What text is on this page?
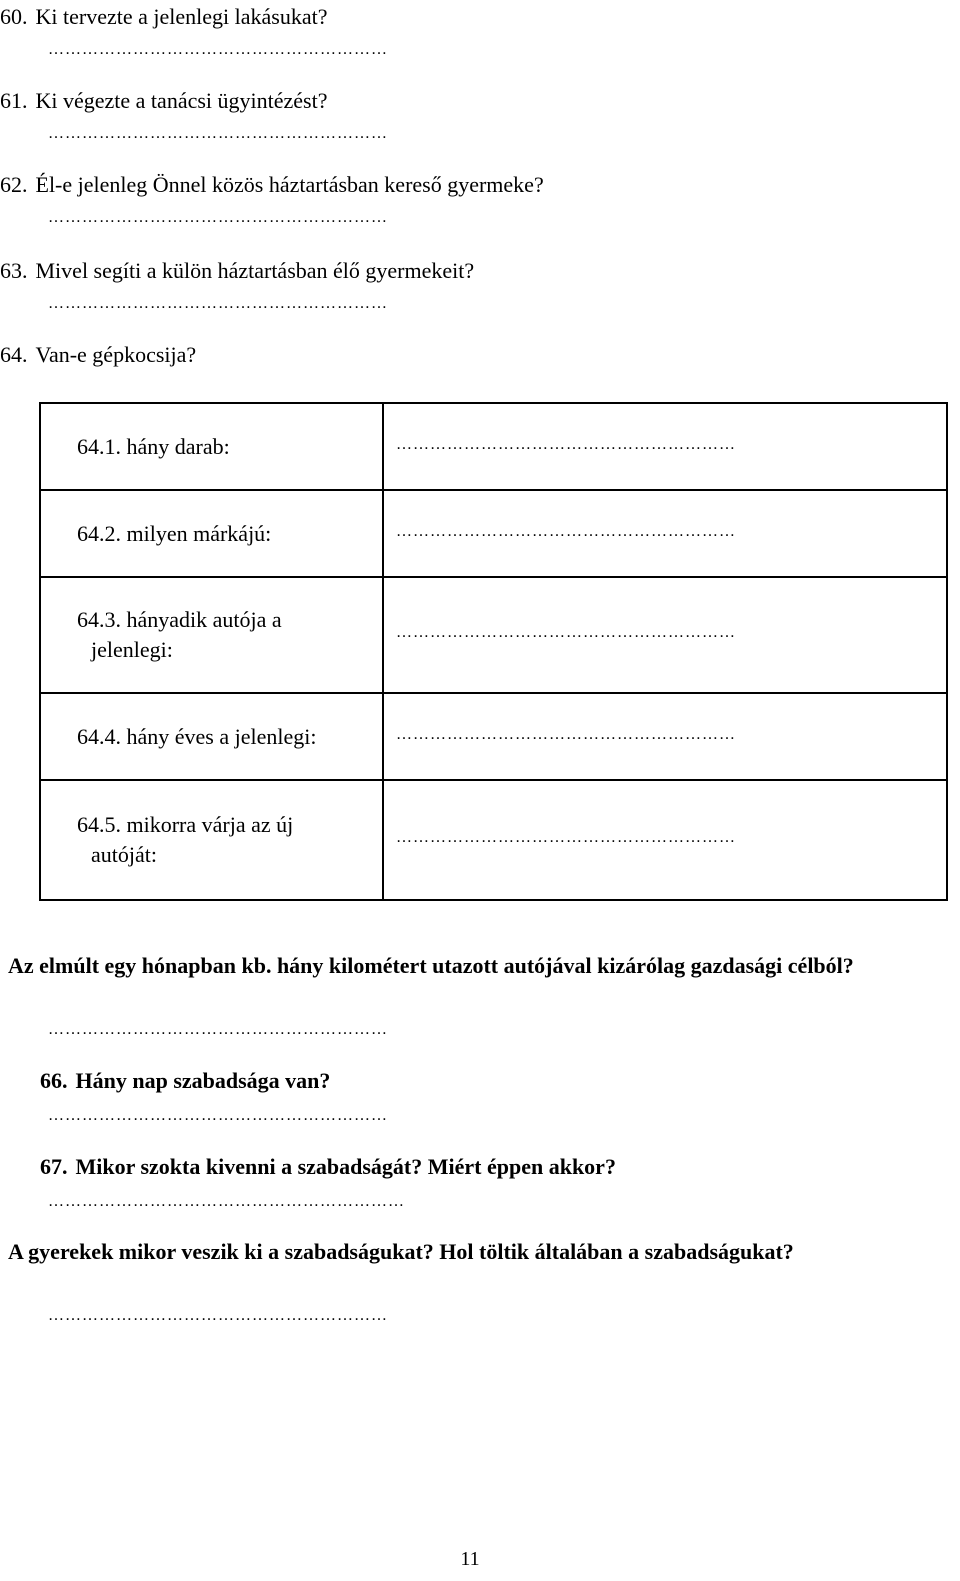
60. Ki tervezte a jelenlegi lakásukat?

……………………………………………………

61. Ki végezte a tanácsi ügyintézést?

……………………………………………………

62. Él-e jelenleg Önnel közös háztartásban kereső gyermeke?

……………………………………………………

63. Mivel segíti a külön háztartásban élő gyermekeit?

……………………………………………………

64. Van-e gépkocsija?

64.1. hány darab:	……………………………………………………
64.2. milyen márkájú:	……………………………………………………
64.3. hányadik autója a
jelenlegi:	……………………………………………………
64.4. hány éves a jelenlegi:	……………………………………………………
64.5. mikorra várja az új
autóját:	……………………………………………………

Az elmúlt egy hónapban kb. hány kilométert utazott autójával kizárólag gazdasági célból?

……………………………………………………

66. Hány nap szabadsága van?

……………………………………………………

67. Mikor szokta kivenni a szabadságát? Miért éppen akkor?

………………………………………………………

A gyerekek mikor veszik ki a szabadságukat? Hol töltik általában a szabadságukat?

……………………………………………………
11
